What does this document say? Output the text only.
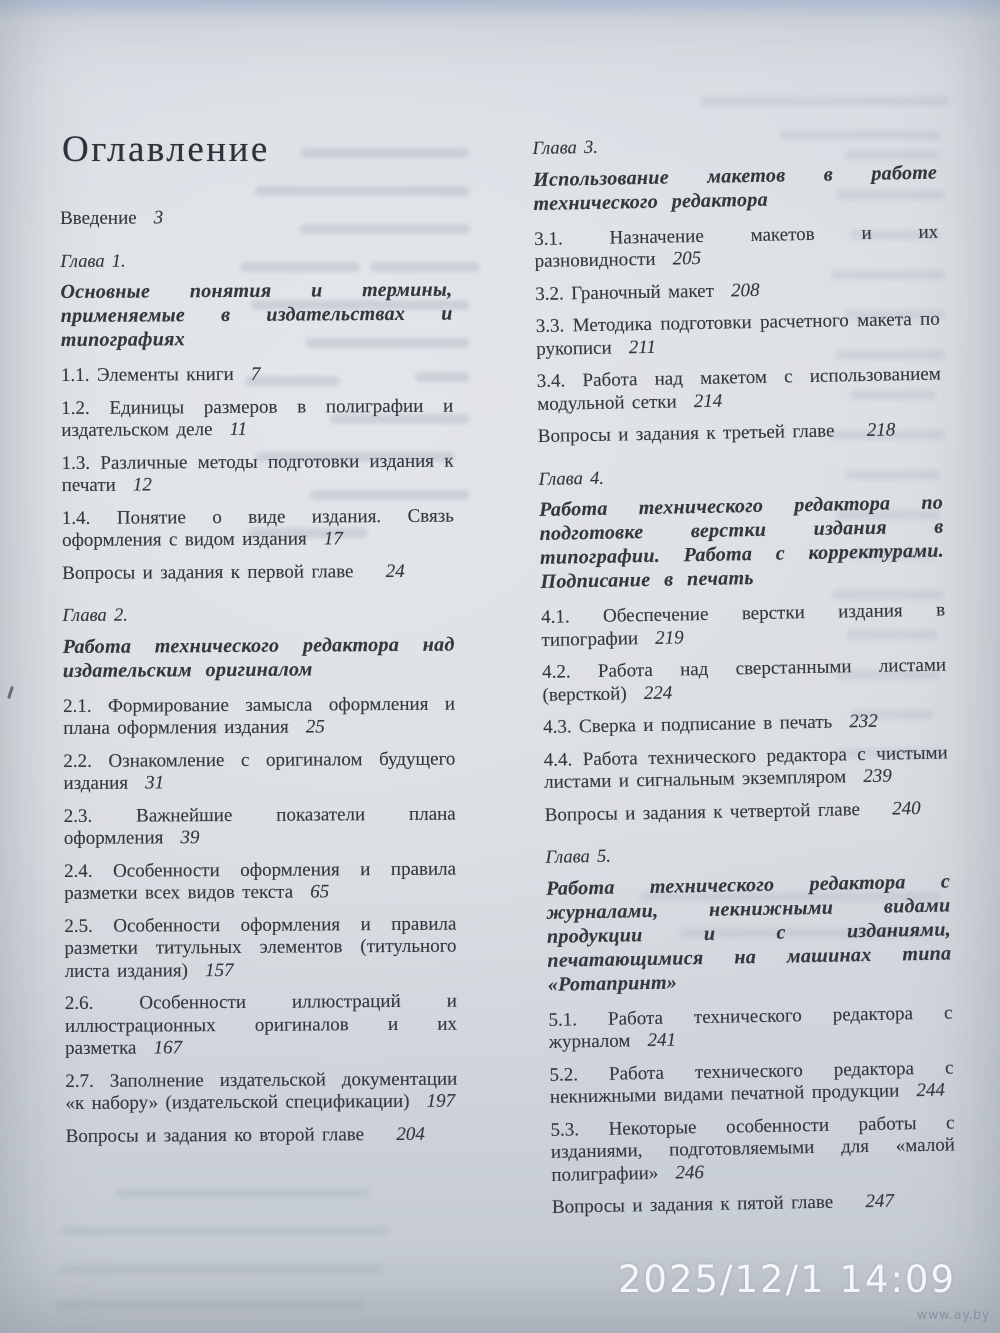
Оглавление

Введение 3

Глава 1.

Основные понятия и термины, применяемые в издательствах и типографиях

1.1. Элементы книги 7

1.2. Единицы размеров в полиграфии и издательском деле 11

1.3. Различные методы подготовки издания к печати 12

1.4. Понятие о виде издания. Связь оформления с видом издания 17

Вопросы и задания к первой главе 24

Глава 2.

Работа технического редактора над издательским оригиналом

2.1. Формирование замысла оформления и плана оформления издания 25

2.2. Ознакомление с оригиналом будущего издания 31

2.3. Важнейшие показатели плана оформления 39

2.4. Особенности оформления и правила разметки всех видов текста 65

2.5. Особенности оформления и правила разметки титульных элементов (титульного листа издания) 157

2.6. Особенности иллюстраций и иллюстрационных оригиналов и их разметка 167

2.7. Заполнение издательской документации «к набору» (издательской спецификации) 197

Вопросы и задания ко второй главе 204

Глава 3.

Использование макетов в работе технического редактора

3.1. Назначение макетов и их разновидности 205

3.2. Граночный макет 208

3.3. Методика подготовки расчетного макета по рукописи 211

3.4. Работа над макетом с использованием модульной сетки 214

Вопросы и задания к третьей главе 218

Глава 4.

Работа технического редактора по подготовке верстки издания в типографии. Работа с корректурами. Подписание в печать

4.1. Обеспечение верстки издания в типографии 219

4.2. Работа над сверстанными листами (версткой) 224

4.3. Сверка и подписание в печать 232

4.4. Работа технического редактора с чистыми листами и сигнальным экземпляром 239

Вопросы и задания к четвертой главе 240

Глава 5.

Работа технического редактора с журналами, некнижными видами продукции и с изданиями, печатающимися на машинах типа «Ротапринт»

5.1. Работа технического редактора с журналом 241

5.2. Работа технического редактора с некнижными видами печатной продукции 244

5.3. Некоторые особенности работы с изданиями, подготовляемыми для «малой полиграфии» 246

Вопросы и задания к пятой главе 247

2025/12/1 14:09
www.ay.by
